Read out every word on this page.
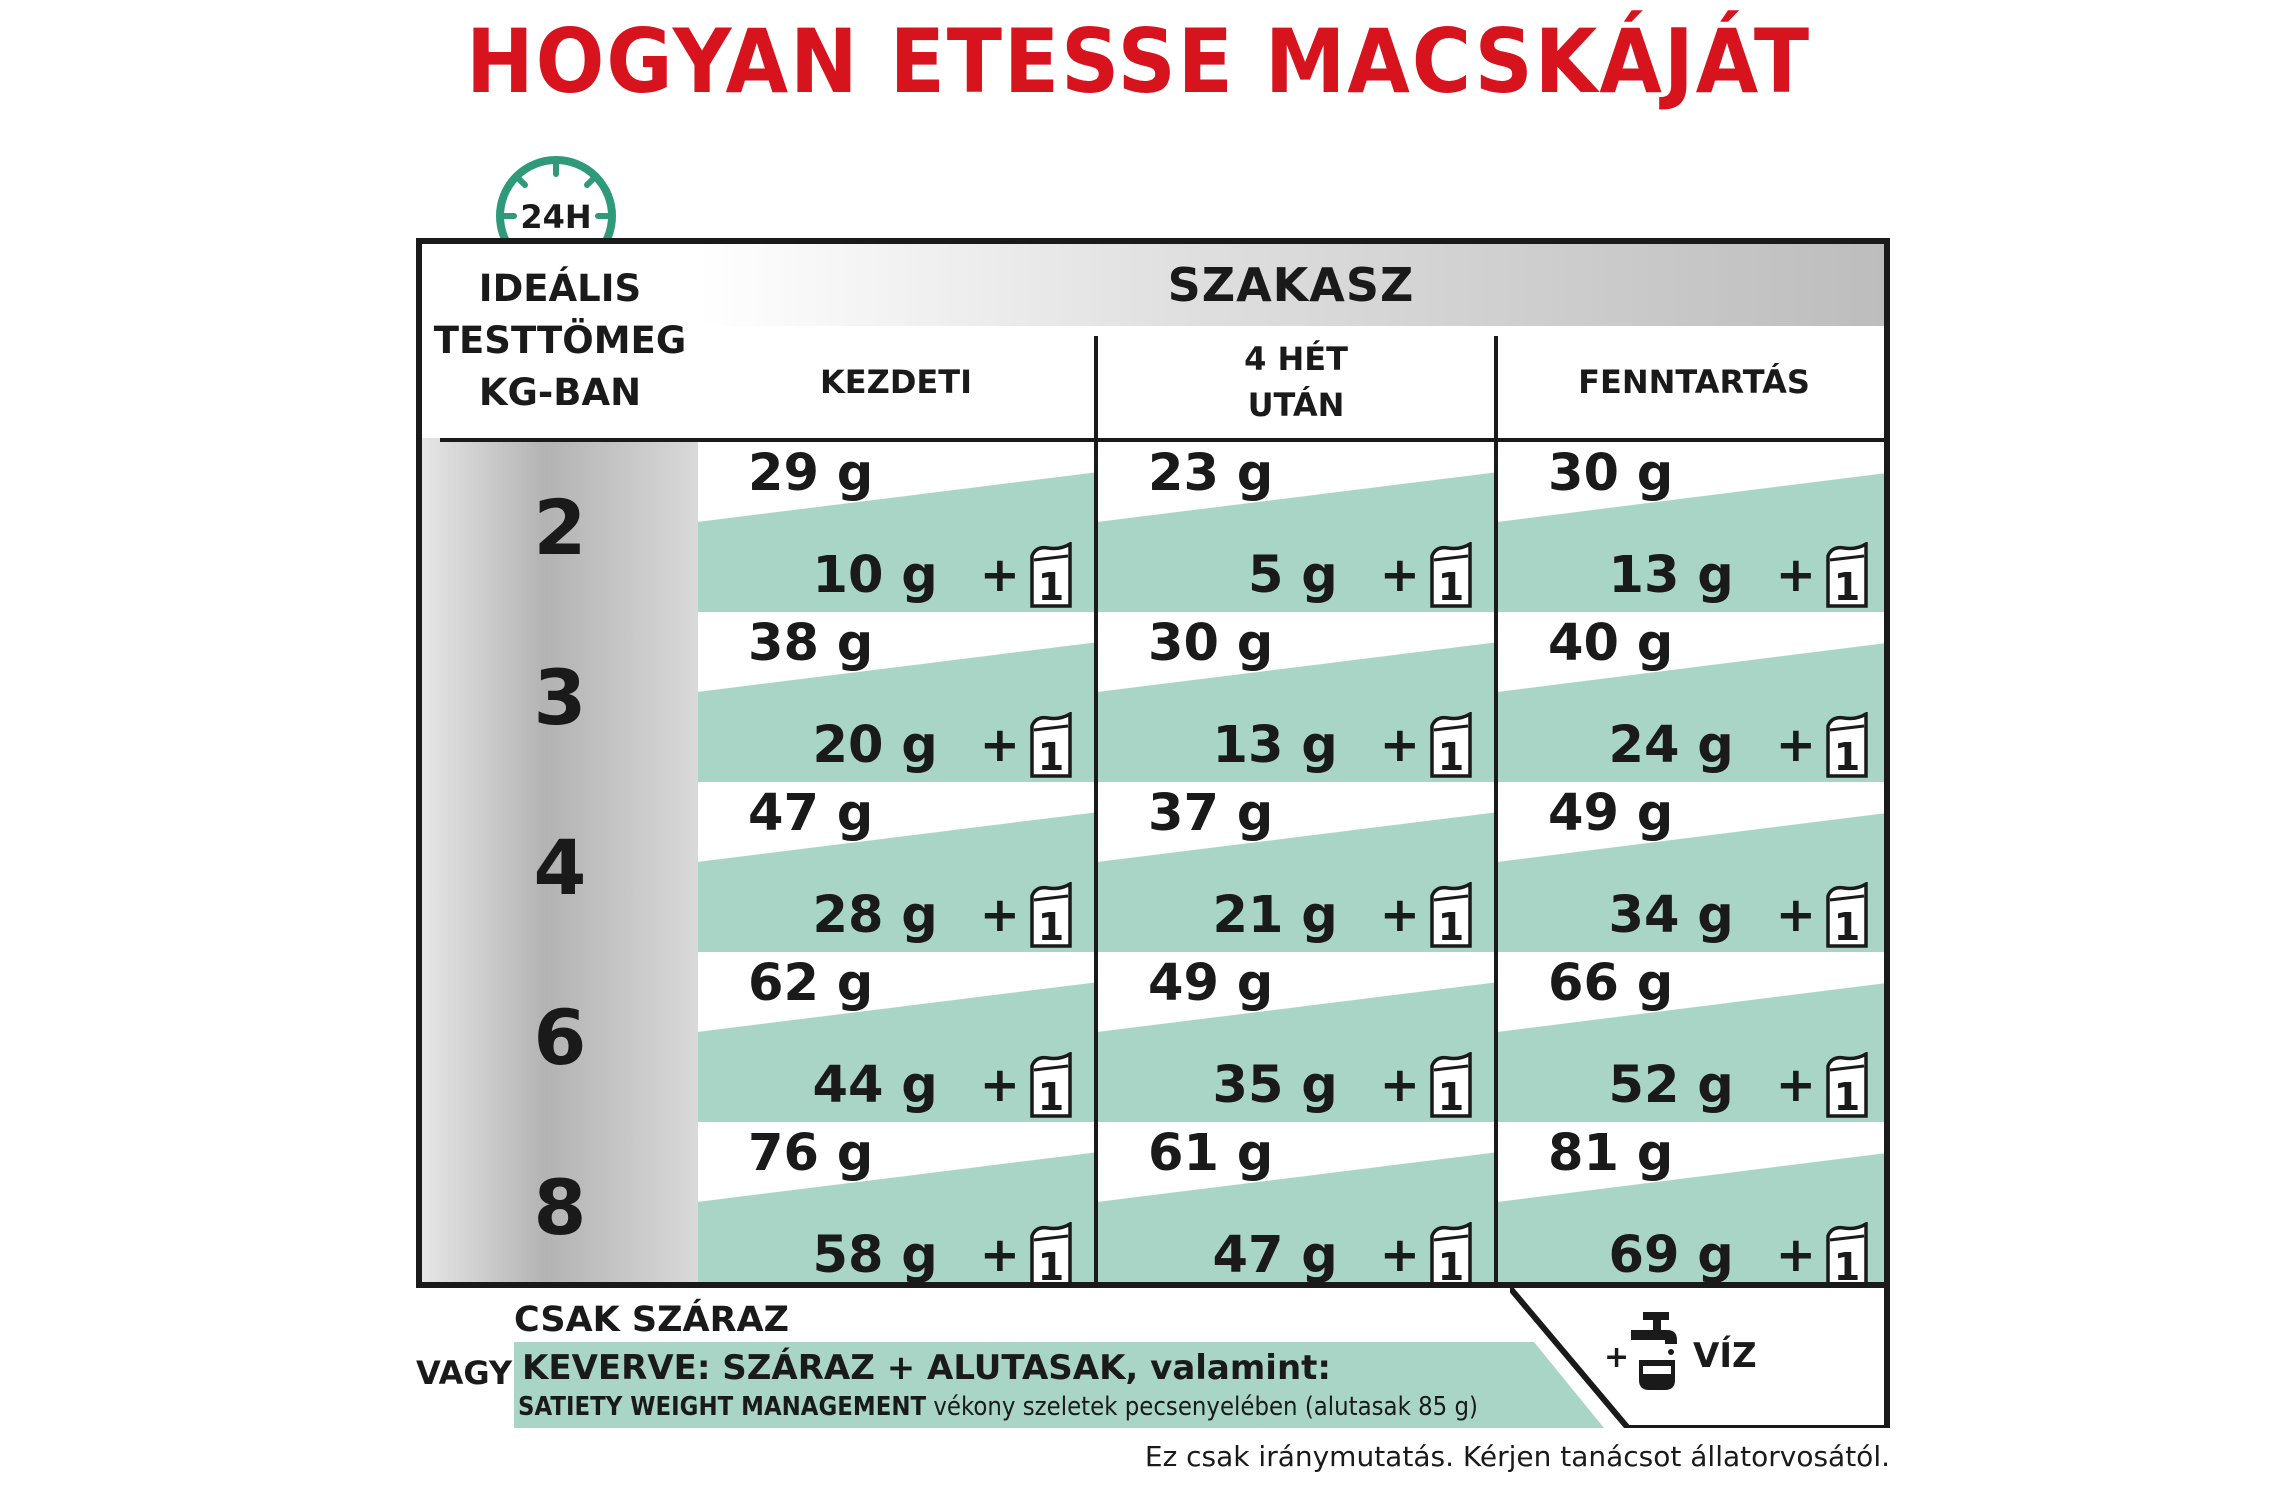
HOGYAN ETESSE MACSKÁJÁT
24H
IDEÁLIS
TESTTÖMEG
KG-BAN
SZAKASZ
KEZDETI
4 HÉT
UTÁN
FENNTARTÁS
2
29 g
10 g + 1
23 g
5 g + 1
30 g
13 g + 1
3
38 g
20 g + 1
30 g
13 g + 1
40 g
24 g + 1
4
47 g
28 g + 1
37 g
21 g + 1
49 g
34 g + 1
6
62 g
44 g + 1
49 g
35 g + 1
66 g
52 g + 1
8
76 g
58 g + 1
61 g
47 g + 1
81 g
69 g + 1
CSAK SZÁRAZ
VAGY KEVERVE: SZÁRAZ + ALUTASAK, valamint:
SATIETY WEIGHT MANAGEMENT vékony szeletek pecsenyelében (alutasak 85 g)
+ VÍZ
Ez csak iránymutatás. Kérjen tanácsot állatorvosától.
